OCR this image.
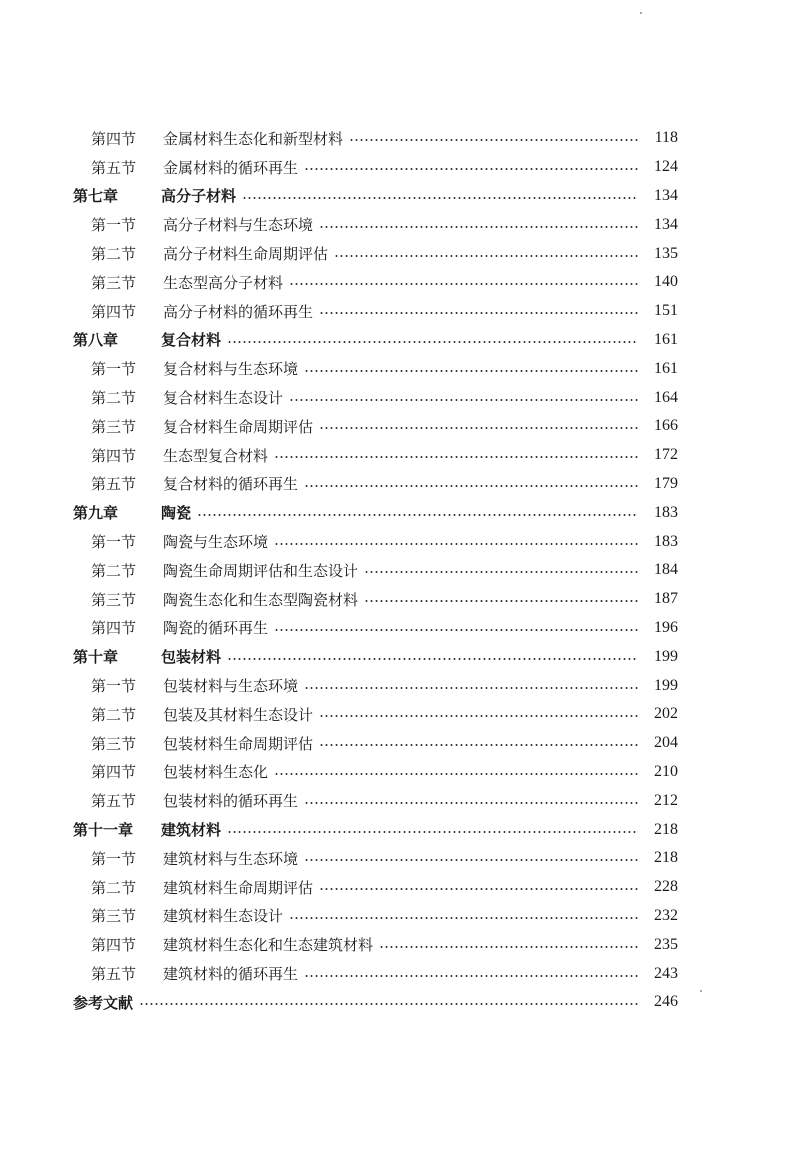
第四节	金属材料生态化和新型材料	118
第五节	金属材料的循环再生	124
第七章	高分子材料	134
第一节	高分子材料与生态环境	134
第二节	高分子材料生命周期评估	135
第三节	生态型高分子材料	140
第四节	高分子材料的循环再生	151
第八章	复合材料	161
第一节	复合材料与生态环境	161
第二节	复合材料生态设计	164
第三节	复合材料生命周期评估	166
第四节	生态型复合材料	172
第五节	复合材料的循环再生	179
第九章	陶瓷	183
第一节	陶瓷与生态环境	183
第二节	陶瓷生命周期评估和生态设计	184
第三节	陶瓷生态化和生态型陶瓷材料	187
第四节	陶瓷的循环再生	196
第十章	包装材料	199
第一节	包装材料与生态环境	199
第二节	包装及其材料生态设计	202
第三节	包装材料生命周期评估	204
第四节	包装材料生态化	210
第五节	包装材料的循环再生	212
第十一章	建筑材料	218
第一节	建筑材料与生态环境	218
第二节	建筑材料生命周期评估	228
第三节	建筑材料生态设计	232
第四节	建筑材料生态化和生态建筑材料	235
第五节	建筑材料的循环再生	243
参考文献	246
